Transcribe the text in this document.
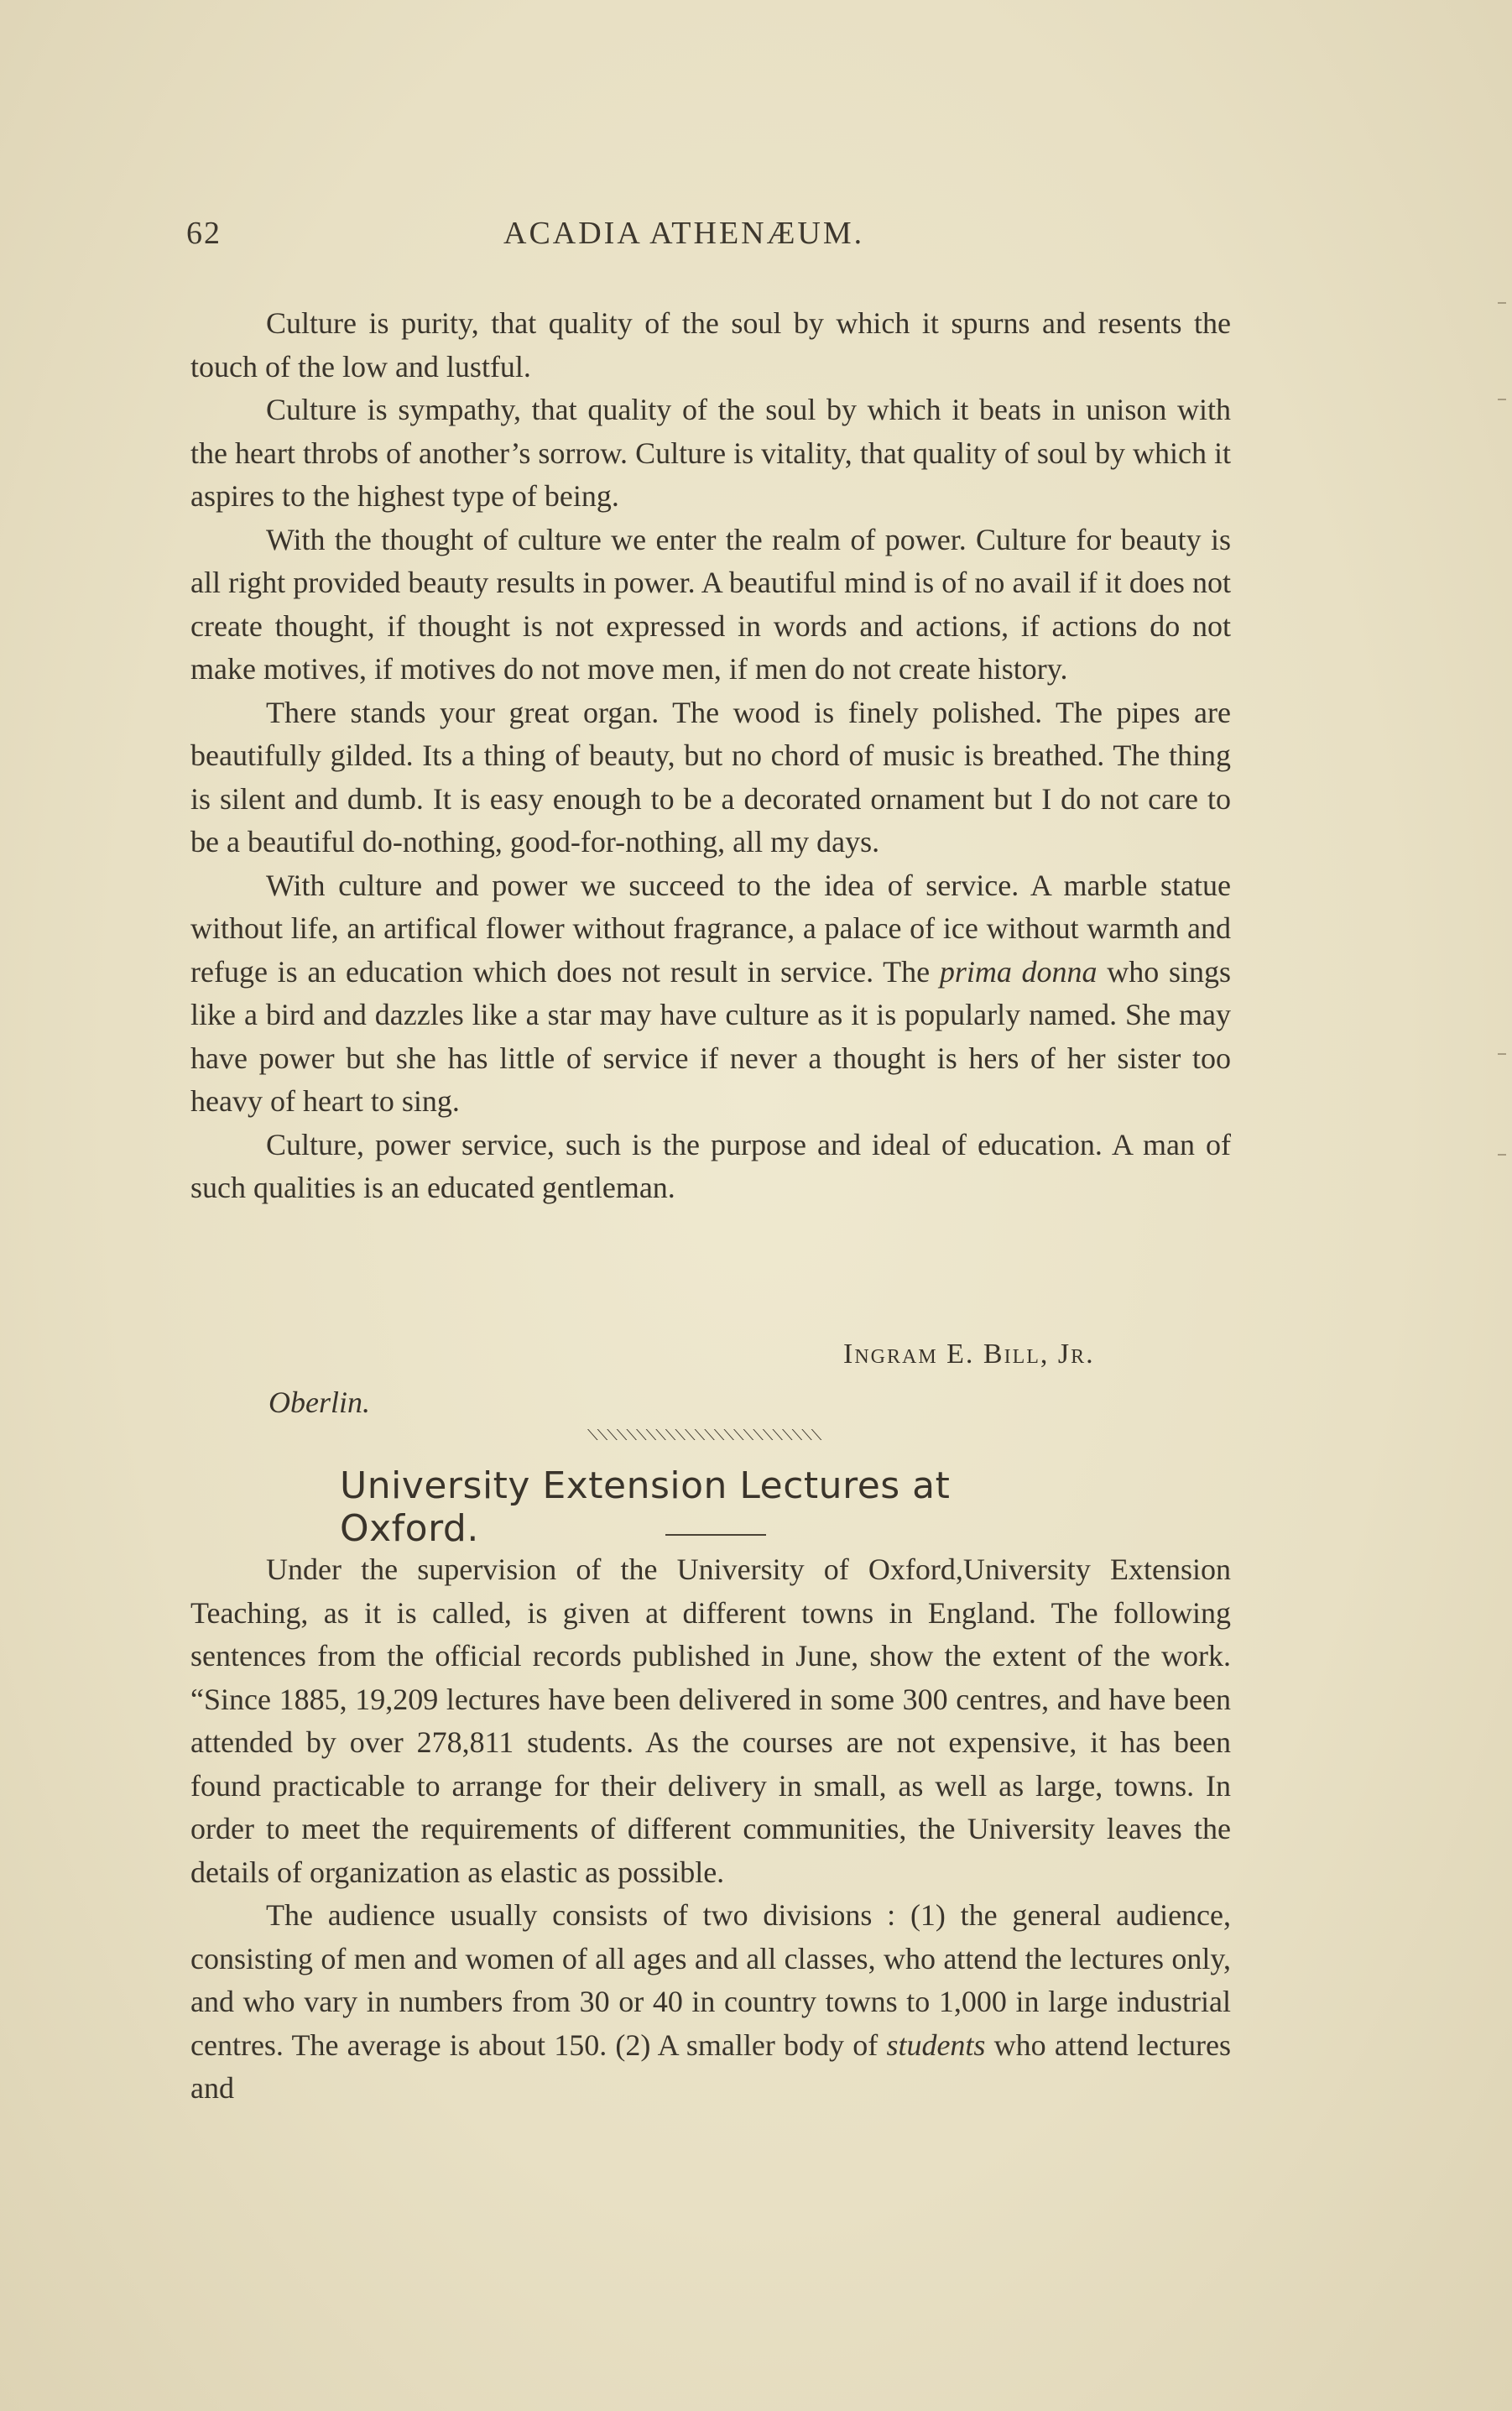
62	ACADIA ATHENÆUM.

Culture is purity, that quality of the soul by which it spurns and resents the touch of the low and lustful.

Culture is sympathy, that quality of the soul by which it beats in unison with the heart throbs of another’s sorrow. Culture is vitality, that quality of soul by which it aspires to the highest type of being.

With the thought of culture we enter the realm of power. Culture for beauty is all right provided beauty results in power. A beautiful mind is of no avail if it does not create thought, if thought is not expressed in words and actions, if actions do not make motives, if motives do not move men, if men do not create history.

There stands your great organ. The wood is finely polished. The pipes are beautifully gilded. Its a thing of beauty, but no chord of music is breathed. The thing is silent and dumb. It is easy enough to be a decorated ornament but I do not care to be a beautiful do-nothing, good-for-nothing, all my days.

With culture and power we succeed to the idea of service. A marble statue without life, an artifical flower without fragrance, a palace of ice without warmth and refuge is an education which does not result in service. The prima donna who sings like a bird and dazzles like a star may have culture as it is popularly named. She may have power but she has little of service if never a thought is hers of her sister too heavy of heart to sing.

Culture, power service, such is the purpose and ideal of education. A man of such qualities is an educated gentleman.

Ingram E. Bill, Jr.
Oberlin.
⟍⟍⟍⟍⟍⟍⟍⟍⟍⟍⟍⟍⟍⟍⟍⟍⟍⟍⟍⟍⟍⟍⟍⟍
University Extension Lectures at Oxford.

Under the supervision of the University of Oxford,University Extension Teaching, as it is called, is given at different towns in England. The following sentences from the official records published in June, show the extent of the work. “Since 1885, 19,209 lectures have been delivered in some 300 centres, and have been attended by over 278,811 students. As the courses are not expensive, it has been found practicable to arrange for their delivery in small, as well as large, towns. In order to meet the requirements of different communities, the University leaves the details of organization as elastic as possible.

The audience usually consists of two divisions : (1) the general audience, consisting of men and women of all ages and all classes, who attend the lectures only, and who vary in numbers from 30 or 40 in country towns to 1,000 in large industrial centres. The average is about 150. (2) A smaller body of students who attend lectures and
